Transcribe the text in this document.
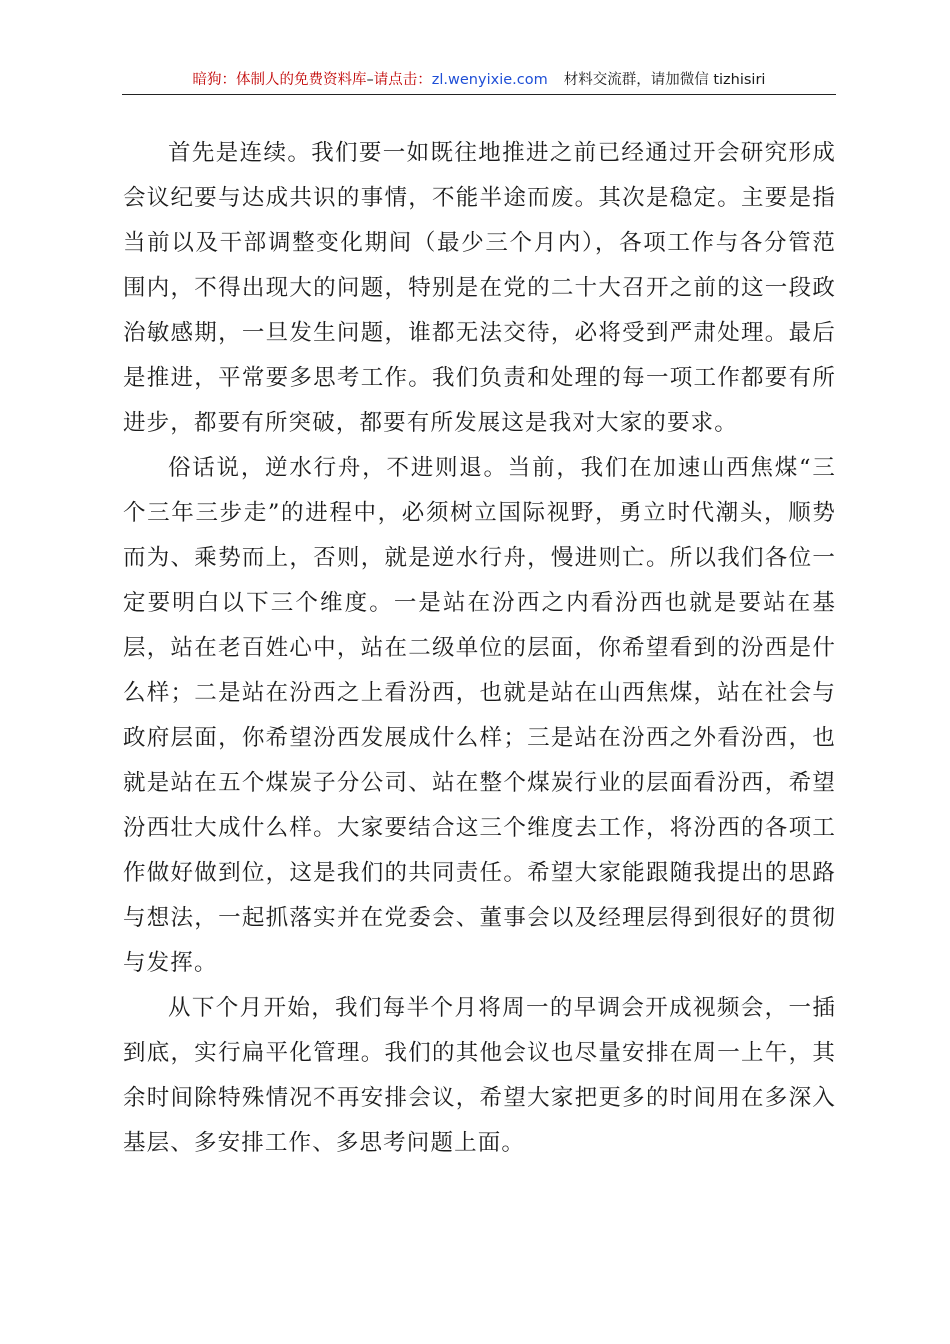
暗狗：体制人的免费资料库–请点击：zl.wenyixie.com 材料交流群，请加微信 tizhisiri

首先是连续。我们要一如既往地推进之前已经通过开会研究形成会议纪要与达成共识的事情，不能半途而废。其次是稳定。主要是指当前以及干部调整变化期间（最少三个月内），各项工作与各分管范围内，不得出现大的问题，特别是在党的二十大召开之前的这一段政治敏感期，一旦发生问题，谁都无法交待，必将受到严肃处理。最后是推进，平常要多思考工作。我们负责和处理的每一项工作都要有所进步，都要有所突破，都要有所发展这是我对大家的要求。

俗话说，逆水行舟，不进则退。当前，我们在加速山西焦煤“三个三年三步走”的进程中，必须树立国际视野，勇立时代潮头，顺势而为、乘势而上，否则，就是逆水行舟，慢进则亡。所以我们各位一定要明白以下三个维度。一是站在汾西之内看汾西也就是要站在基层，站在老百姓心中，站在二级单位的层面，你希望看到的汾西是什么样；二是站在汾西之上看汾西，也就是站在山西焦煤，站在社会与政府层面，你希望汾西发展成什么样；三是站在汾西之外看汾西，也就是站在五个煤炭子分公司、站在整个煤炭行业的层面看汾西，希望汾西壮大成什么样。大家要结合这三个维度去工作，将汾西的各项工作做好做到位，这是我们的共同责任。希望大家能跟随我提出的思路与想法，一起抓落实并在党委会、董事会以及经理层得到很好的贯彻与发挥。

从下个月开始，我们每半个月将周一的早调会开成视频会，一插到底，实行扁平化管理。我们的其他会议也尽量安排在周一上午，其余时间除特殊情况不再安排会议，希望大家把更多的时间用在多深入基层、多安排工作、多思考问题上面。
